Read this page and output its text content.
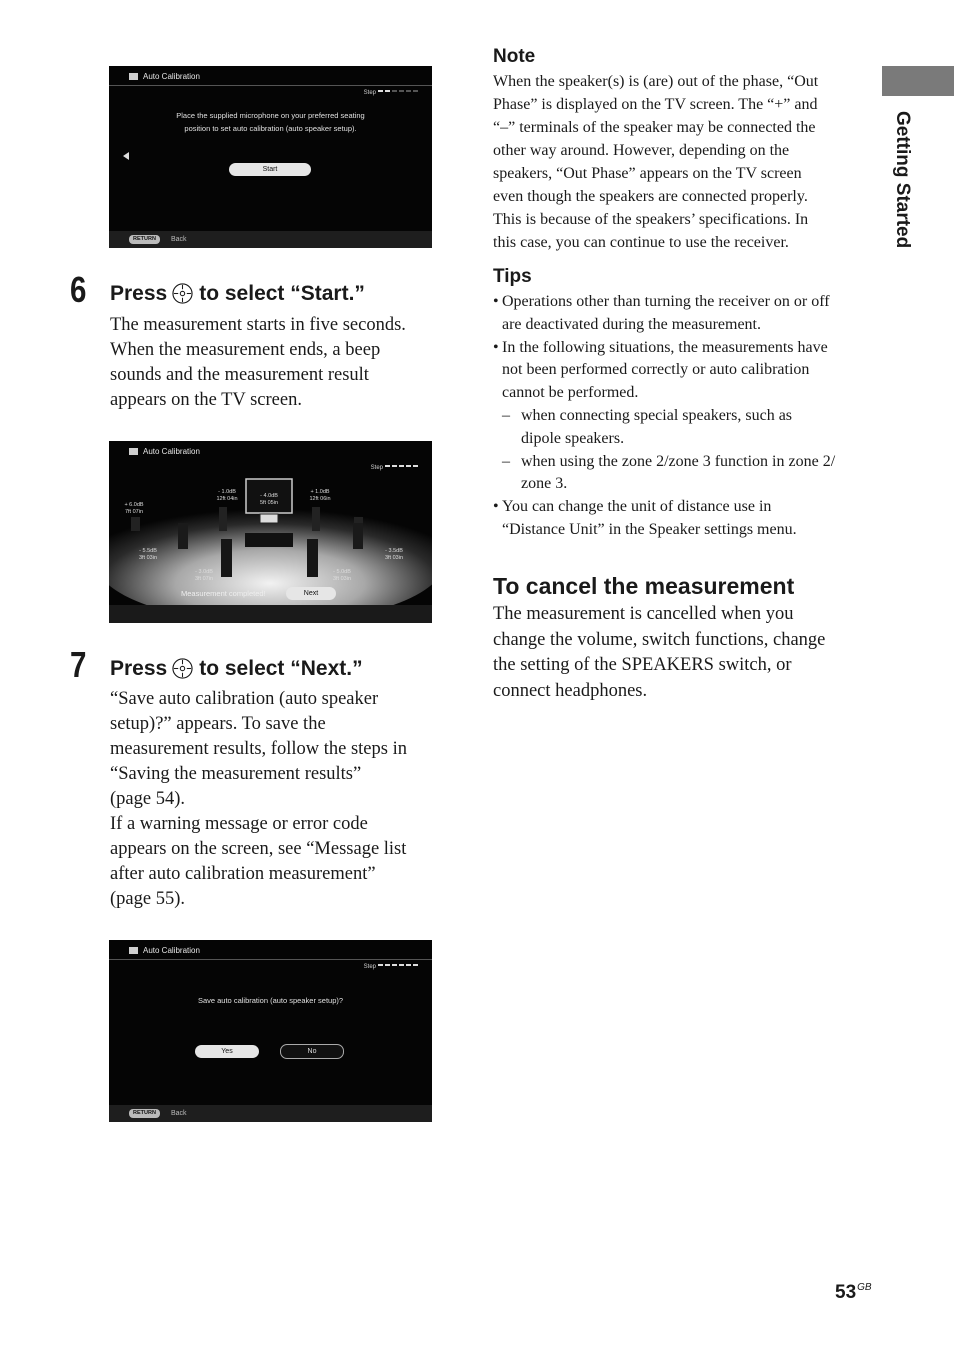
Auto Calibration
Step
Place the supplied microphone on your preferred seating
position to set auto calibration (auto speaker setup).
Start
RETURN	Back
6 Press to select “Start.”

The measurement starts in five seconds.

When the measurement ends, a beep

sounds and the measurement result

appears on the TV screen.

Auto Calibration
Step
- 4.0dB
5ft 05in
- 1.0dB
12ft 04in
+ 1.0dB
12ft 06in
+ 6.0dB
7ft 07in
- 5.5dB
3ft 03in
- 3.5dB
3ft 03in
- 3.0dB
3ft 07in
- 5.0dB
3ft 03in
Measurement completed!	Next
7 Press to select “Next.”

“Save auto calibration (auto speaker

setup)?” appears. To save the

measurement results, follow the steps in

“Saving the measurement results”

(page 54).

If a warning message or error code

appears on the screen, see “Message list

after auto calibration measurement”

(page 55).

Auto Calibration
Step
Save auto calibration (auto speaker setup)?
Yes	No
RETURN	Back
Note
When the speaker(s) is (are) out of the phase, “Out
Phase” is displayed on the TV screen. The “+” and
“–” terminals of the speaker may be connected the
other way around. However, depending on the
speakers, “Out Phase” appears on the TV screen
even though the speakers are connected properly.
This is because of the speakers’ specifications. In
this case, you can continue to use the receiver.
Tips
• Operations other than turning the receiver on or off
are deactivated during the measurement.
• In the following situations, the measurements have
not been performed correctly or auto calibration
cannot be performed.
– when connecting special speakers, such as
dipole speakers.
– when using the zone 2/zone 3 function in zone 2/
zone 3.
• You can change the unit of distance use in
“Distance Unit” in the Speaker settings menu.
To cancel the measurement
The measurement is cancelled when you
change the volume, switch functions, change
the setting of the SPEAKERS switch, or
connect headphones.
Getting Started
$53^{GB}$
